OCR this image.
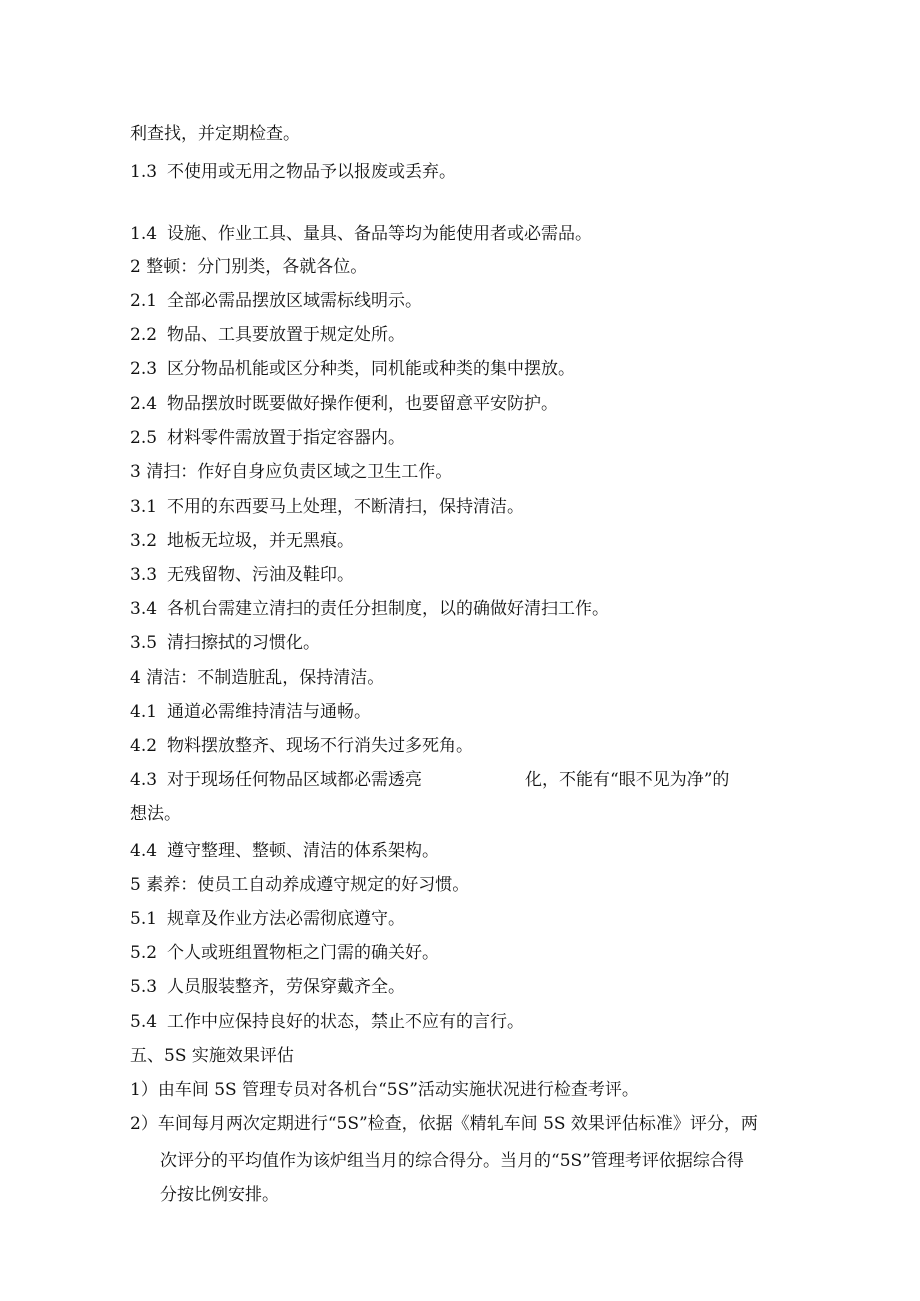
利查找，并定期检查。
1.3 不使用或无用之物品予以报废或丢弃。
1.4 设施、作业工具、量具、备品等均为能使用者或必需品。
2 整顿：分门别类，各就各位。
2.1 全部必需品摆放区域需标线明示。
2.2 物品、工具要放置于规定处所。
2.3 区分物品机能或区分种类，同机能或种类的集中摆放。
2.4 物品摆放时既要做好操作便利，也要留意平安防护。
2.5 材料零件需放置于指定容器内。
3 清扫：作好自身应负责区域之卫生工作。
3.1 不用的东西要马上处理，不断清扫，保持清洁。
3.2 地板无垃圾，并无黑痕。
3.3 无残留物、污油及鞋印。
3.4 各机台需建立清扫的责任分担制度，以的确做好清扫工作。
3.5 清扫擦拭的习惯化。
4 清洁：不制造脏乱，保持清洁。
4.1 通道必需维持清洁与通畅。
4.2 物料摆放整齐、现场不行消失过多死角。
4.3 对于现场任何物品区域都必需透亮	化，不能有“眼不见为净”的
想法。
4.4 遵守整理、整顿、清洁的体系架构。
5 素养：使员工自动养成遵守规定的好习惯。
5.1 规章及作业方法必需彻底遵守。
5.2 个人或班组置物柜之门需的确关好。
5.3 人员服装整齐，劳保穿戴齐全。
5.4 工作中应保持良好的状态，禁止不应有的言行。
五、5S 实施效果评估
1）由车间 5S 管理专员对各机台“5S”活动实施状况进行检查考评。
2）车间每月两次定期进行“5S”检查，依据《精轧车间 5S 效果评估标准》评分，两
次评分的平均值作为该炉组当月的综合得分。当月的“5S”管理考评依据综合得
分按比例安排。
